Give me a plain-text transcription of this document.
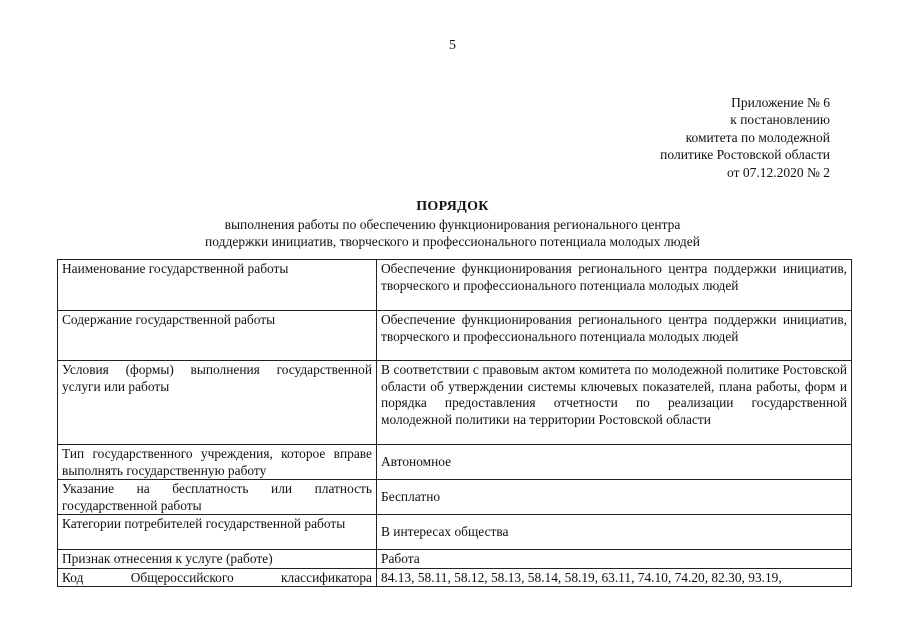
5
Приложение № 6
к постановлению
комитета по молодежной
политике Ростовской области
от 07.12.2020 № 2
ПОРЯДОК
выполнения работы по обеспечению функционирования регионального центра
поддержки инициатив, творческого и профессионального потенциала молодых людей
Наименование государственной работы	Обеспечение функционирования регионального центра поддержки инициатив, творческого и профессионального потенциала молодых людей
Содержание государственной работы	Обеспечение функционирования регионального центра поддержки инициатив, творческого и профессионального потенциала молодых людей
Условия (формы) выполнения государственной услуги или работы	В соответствии с правовым актом комитета по молодежной политике Ростовской области об утверждении системы ключевых показателей, плана работы, форм и порядка предоставления отчетности по реализации государственной молодежной политики на территории Ростовской области
Тип государственного учреждения, которое вправе выполнять государственную работу	Автономное
Указание на бесплатность или платность государственной работы	Бесплатно
Категории потребителей государственной работы	В интересах общества
Признак отнесения к услуге (работе)	Работа
Код Общероссийского классификатора	84.13, 58.11, 58.12, 58.13, 58.14, 58.19, 63.11, 74.10, 74.20, 82.30, 93.19,
